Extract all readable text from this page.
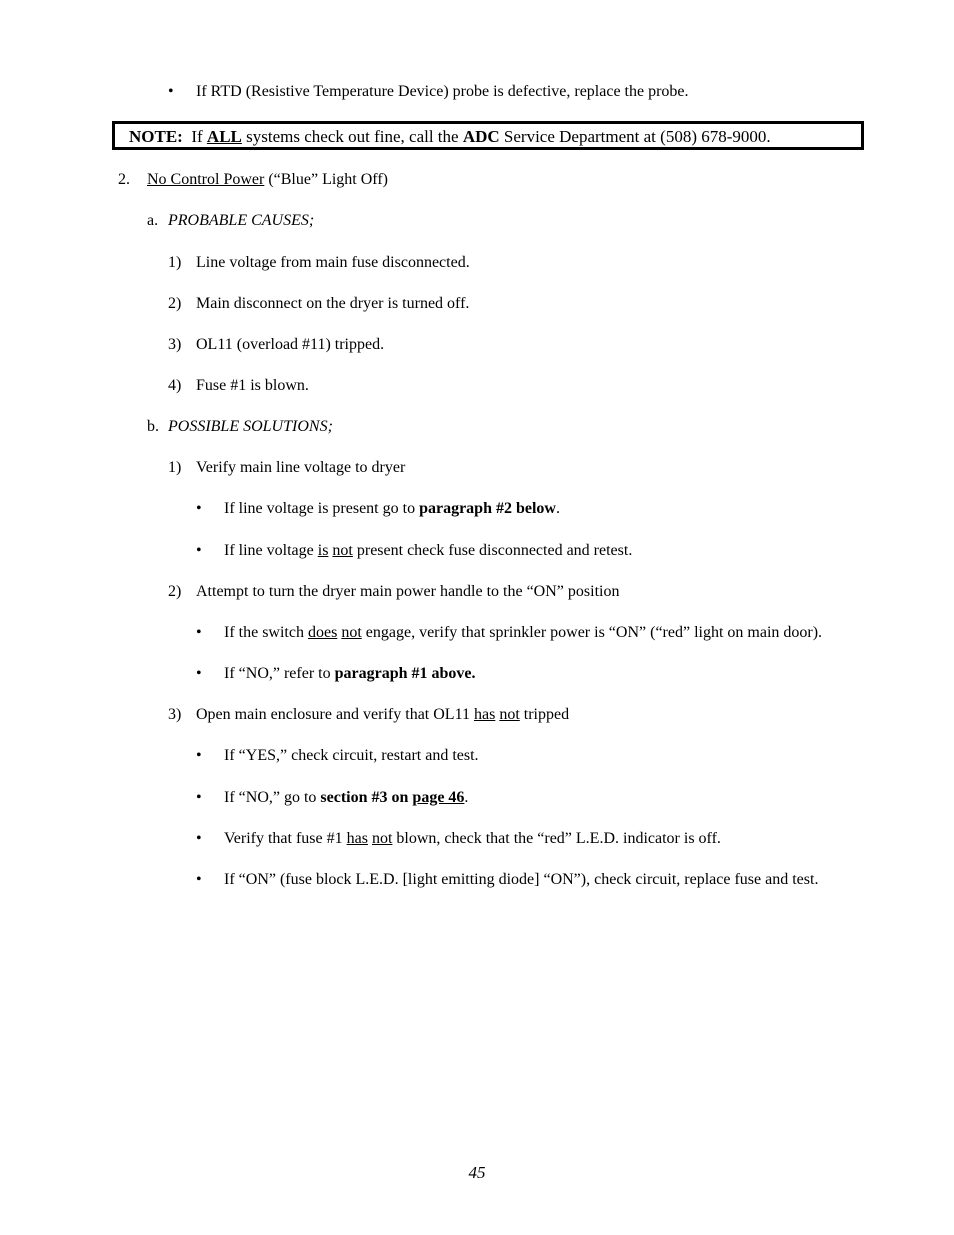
• If RTD (Resistive Temperature Device) probe is defective, replace the probe.
NOTE: If ALL systems check out fine, call the ADC Service Department at (508) 678-9000.
2. No Control Power (“Blue” Light Off)
a. PROBABLE CAUSES;
1) Line voltage from main fuse disconnected.
2) Main disconnect on the dryer is turned off.
3) OL11 (overload #11) tripped.
4) Fuse #1 is blown.
b. POSSIBLE SOLUTIONS;
1) Verify main line voltage to dryer
• If line voltage is present go to paragraph #2 below.
• If line voltage is not present check fuse disconnected and retest.
2) Attempt to turn the dryer main power handle to the “ON” position
• If the switch does not engage, verify that sprinkler power is “ON” (“red” light on main door).
• If “NO,” refer to paragraph #1 above.
3) Open main enclosure and verify that OL11 has not tripped
• If “YES,” check circuit, restart and test.
• If “NO,” go to section #3 on page 46.
• Verify that fuse #1 has not blown, check that the “red” L.E.D. indicator is off.
• If “ON” (fuse block L.E.D. [light emitting diode] “ON”), check circuit, replace fuse and test.
45
